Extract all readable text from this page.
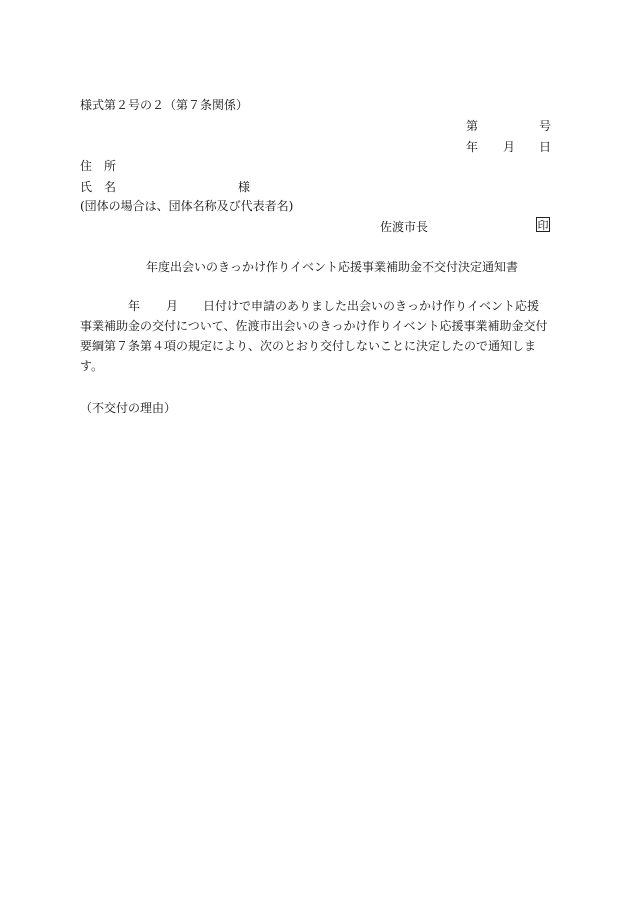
様式第２号の２（第７条関係）
第	号
年 月 日
住　所
氏　名	様
(団体の場合は、団体名称及び代表者名)
佐渡市長	印
年度出会いのきっかけ作りイベント応援事業補助金不交付決定通知書
年 月 日付けで申請のありました出会いのきっかけ作りイベント応援
事業補助金の交付について、佐渡市出会いのきっかけ作りイベント応援事業補助金交付
要綱第７条第４項の規定により、次のとおり交付しないことに決定したので通知しま
す。
（不交付の理由）
